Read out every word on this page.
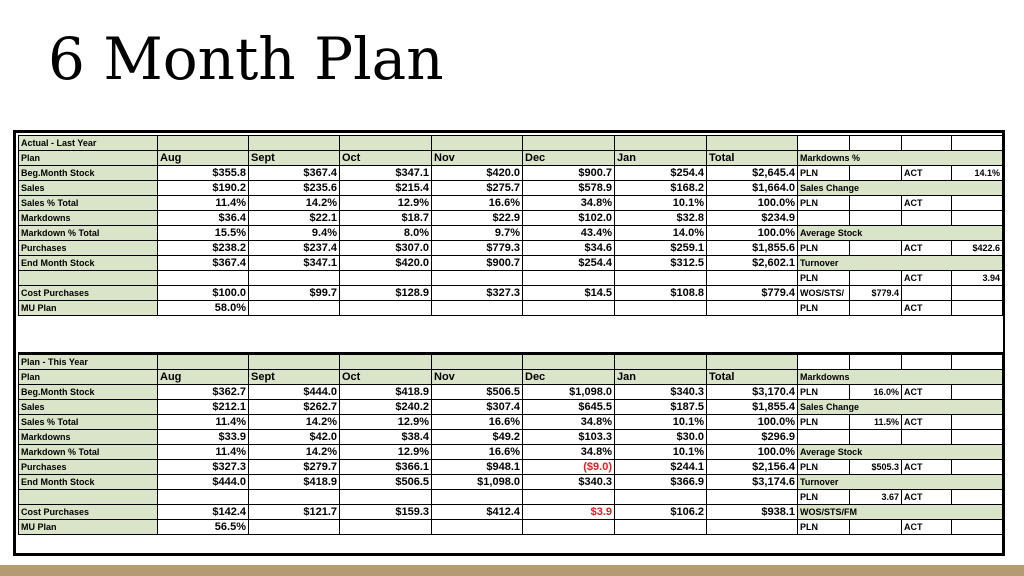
6 Month Plan
Actual - Last Year											
Plan	Aug	Sept	Oct	Nov	Dec	Jan	Total	Markdowns %			
Beg.Month Stock	$355.8	$367.4	$347.1	$420.0	$900.7	$254.4	$2,645.4	PLN		ACT	14.1%
Sales	$190.2	$235.6	$215.4	$275.7	$578.9	$168.2	$1,664.0	Sales Change			
Sales % Total	11.4%	14.2%	12.9%	16.6%	34.8%	10.1%	100.0%	PLN		ACT	
Markdowns	$36.4	$22.1	$18.7	$22.9	$102.0	$32.8	$234.9				
Markdown % Total	15.5%	9.4%	8.0%	9.7%	43.4%	14.0%	100.0%	Average Stock			
Purchases	$238.2	$237.4	$307.0	$779.3	$34.6	$259.1	$1,855.6	PLN		ACT	$422.6
End Month Stock	$367.4	$347.1	$420.0	$900.7	$254.4	$312.5	$2,602.1	Turnover			
								PLN		ACT	3.94
Cost Purchases	$100.0	$99.7	$128.9	$327.3	$14.5	$108.8	$779.4	WOS/STS/	$779.4		
MU Plan	58.0%							PLN		ACT	

Plan - This Year											
Plan	Aug	Sept	Oct	Nov	Dec	Jan	Total	Markdowns			
Beg.Month Stock	$362.7	$444.0	$418.9	$506.5	$1,098.0	$340.3	$3,170.4	PLN	16.0%	ACT	
Sales	$212.1	$262.7	$240.2	$307.4	$645.5	$187.5	$1,855.4	Sales Change			
Sales % Total	11.4%	14.2%	12.9%	16.6%	34.8%	10.1%	100.0%	PLN	11.5%	ACT	
Markdowns	$33.9	$42.0	$38.4	$49.2	$103.3	$30.0	$296.9				
Markdown % Total	11.4%	14.2%	12.9%	16.6%	34.8%	10.1%	100.0%	Average Stock			
Purchases	$327.3	$279.7	$366.1	$948.1	($9.0)	$244.1	$2,156.4	PLN	$505.3	ACT	
End Month Stock	$444.0	$418.9	$506.5	$1,098.0	$340.3	$366.9	$3,174.6	Turnover			
								PLN	3.67	ACT	
Cost Purchases	$142.4	$121.7	$159.3	$412.4	$3.9	$106.2	$938.1	WOS/STS/FM			
MU Plan	56.5%							PLN		ACT	
